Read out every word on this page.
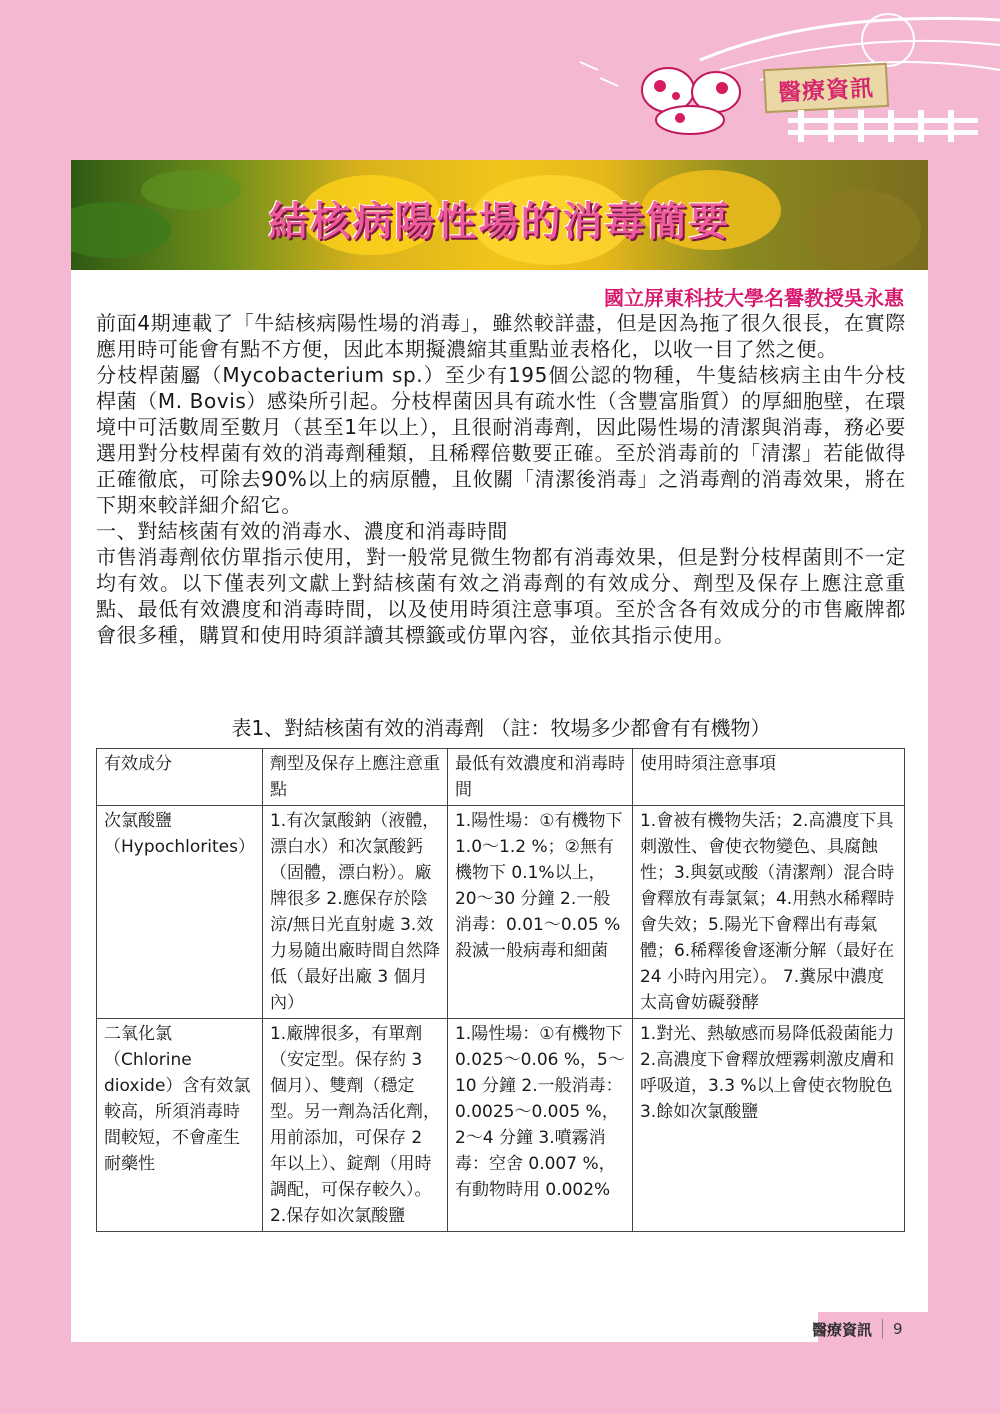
醫療資訊
結核病陽性場的消毒簡要
國立屏東科技大學名譽教授吳永惠

前面4期連載了「牛結核病陽性場的消毒」，雖然較詳盡，但是因為拖了很久很長，在實際應用時可能會有點不方便，因此本期擬濃縮其重點並表格化，以收一目了然之便。

分枝桿菌屬（Mycobacterium sp.）至少有195個公認的物種，牛隻結核病主由牛分枝桿菌（M. Bovis）感染所引起。分枝桿菌因具有疏水性（含豐富脂質）的厚細胞壁，在環境中可活數周至數月（甚至1年以上），且很耐消毒劑，因此陽性場的清潔與消毒，務必要選用對分枝桿菌有效的消毒劑種類，且稀釋倍數要正確。至於消毒前的「清潔」若能做得正確徹底，可除去90%以上的病原體，且攸關「清潔後消毒」之消毒劑的消毒效果，將在下期來較詳細介紹它。

一、對結核菌有效的消毒水、濃度和消毒時間

市售消毒劑依仿單指示使用，對一般常見微生物都有消毒效果，但是對分枝桿菌則不一定均有效。以下僅表列文獻上對結核菌有效之消毒劑的有效成分、劑型及保存上應注意重點、最低有效濃度和消毒時間，以及使用時須注意事項。至於含各有效成分的市售廠牌都會很多種，購買和使用時須詳讀其標籤或仿單內容，並依其指示使用。

表1、對結核菌有效的消毒劑 （註：牧場多少都會有有機物）
有效成分	劑型及保存上應注意重點	最低有效濃度和消毒時間	使用時須注意事項
次氯酸鹽（Hypochlorites）	1.有次氯酸鈉（液體，漂白水）和次氯酸鈣（固體，漂白粉）。廠牌很多 2.應保存於陰涼/無日光直射處 3.效力易隨出廠時間自然降低（最好出廠 3 個月內）	1.陽性場：①有機物下 1.0～1.2 %；②無有機物下 0.1%以上，20～30 分鐘 2.一般消毒：0.01～0.05 %殺滅一般病毒和細菌	1.會被有機物失活；2.高濃度下具刺激性、會使衣物變色、具腐蝕性；3.與氨或酸（清潔劑）混合時會釋放有毒氯氣；4.用熱水稀釋時會失效；5.陽光下會釋出有毒氣體；6.稀釋後會逐漸分解（最好在 24 小時內用完）。 7.糞尿中濃度太高會妨礙發酵
二氧化氯（Chlorine dioxide）含有效氯較高，所須消毒時間較短，不會產生耐藥性	1.廠牌很多，有單劑（安定型。保存約 3 個月）、雙劑（穩定型。另一劑為活化劑，用前添加，可保存 2 年以上）、錠劑（用時調配，可保存較久）。2.保存如次氯酸鹽	1.陽性場：①有機物下 0.025～0.06 %，5～10 分鐘 2.一般消毒：0.0025～0.005 %，2～4 分鐘 3.噴霧消毒：空舍 0.007 %，有動物時用 0.002%	1.對光、熱敏感而易降低殺菌能力 2.高濃度下會釋放煙霧刺激皮膚和呼吸道，3.3 %以上會使衣物脫色 3.餘如次氯酸鹽
醫療資訊 9
